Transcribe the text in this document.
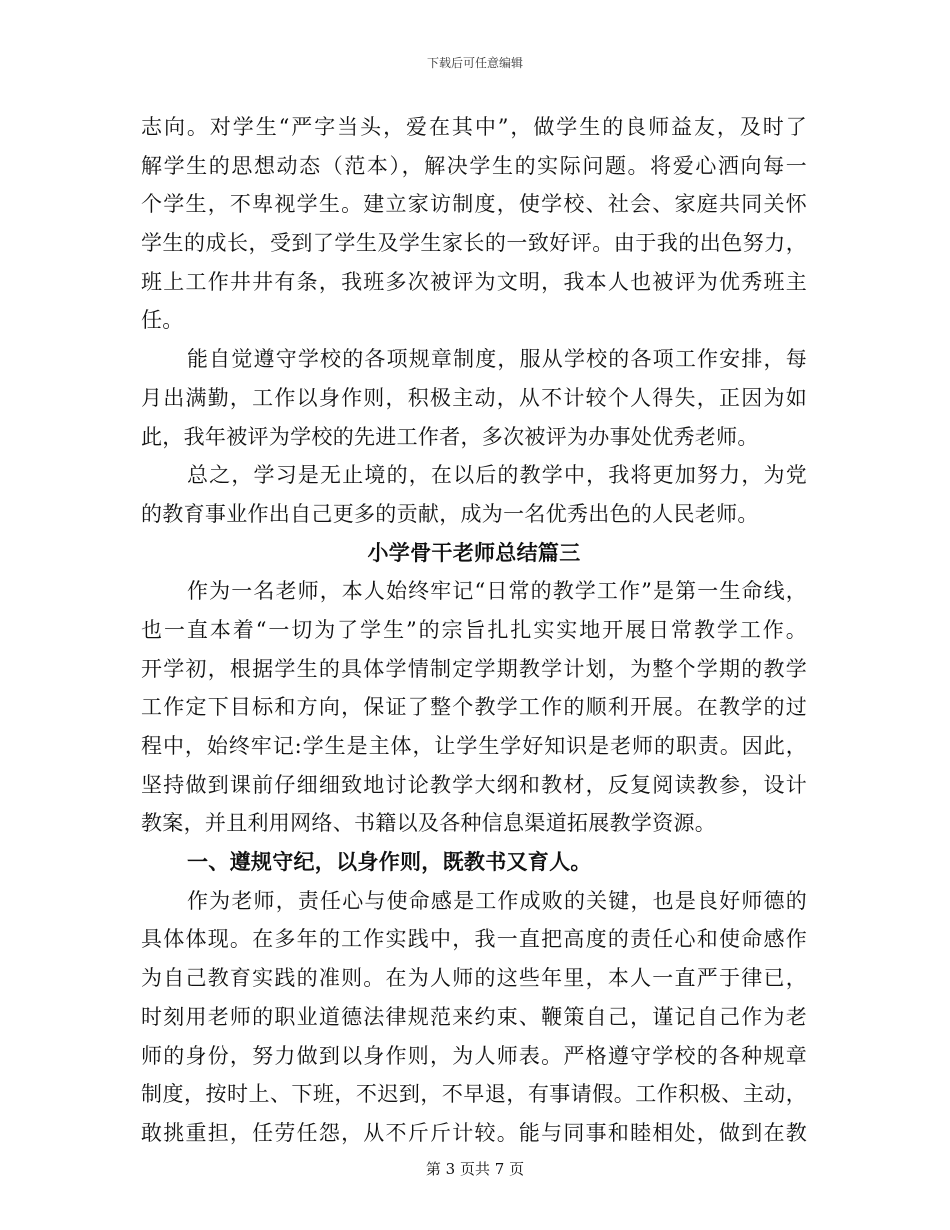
下载后可任意编辑
志向。对学生“严字当头，爱在其中”，做学生的良师益友，及时了
解学生的思想动态（范本），解决学生的实际问题。将爱心洒向每一
个学生，不卑视学生。建立家访制度，使学校、社会、家庭共同关怀
学生的成长，受到了学生及学生家长的一致好评。由于我的出色努力，
班上工作井井有条，我班多次被评为文明，我本人也被评为优秀班主
任。
能自觉遵守学校的各项规章制度，服从学校的各项工作安排，每
月出满勤，工作以身作则，积极主动，从不计较个人得失，正因为如
此，我年被评为学校的先进工作者，多次被评为办事处优秀老师。
总之，学习是无止境的，在以后的教学中，我将更加努力，为党
的教育事业作出自己更多的贡献，成为一名优秀出色的人民老师。
小学骨干老师总结篇三
作为一名老师，本人始终牢记“日常的教学工作”是第一生命线，
也一直本着“一切为了学生”的宗旨扎扎实实地开展日常教学工作。
开学初，根据学生的具体学情制定学期教学计划，为整个学期的教学
工作定下目标和方向，保证了整个教学工作的顺利开展。在教学的过
程中，始终牢记:学生是主体，让学生学好知识是老师的职责。因此，
坚持做到课前仔细细致地讨论教学大纲和教材，反复阅读教参，设计
教案，并且利用网络、书籍以及各种信息渠道拓展教学资源。
一、遵规守纪，以身作则，既教书又育人。
作为老师，责任心与使命感是工作成败的关键，也是良好师德的
具体体现。在多年的工作实践中，我一直把高度的责任心和使命感作
为自己教育实践的准则。在为人师的这些年里，本人一直严于律已，
时刻用老师的职业道德法律规范来约束、鞭策自己，谨记自己作为老
师的身份，努力做到以身作则，为人师表。严格遵守学校的各种规章
制度，按时上、下班，不迟到，不早退，有事请假。工作积极、主动，
敢挑重担，任劳任怨，从不斤斤计较。能与同事和睦相处，做到在教
第 3 页共 7 页
